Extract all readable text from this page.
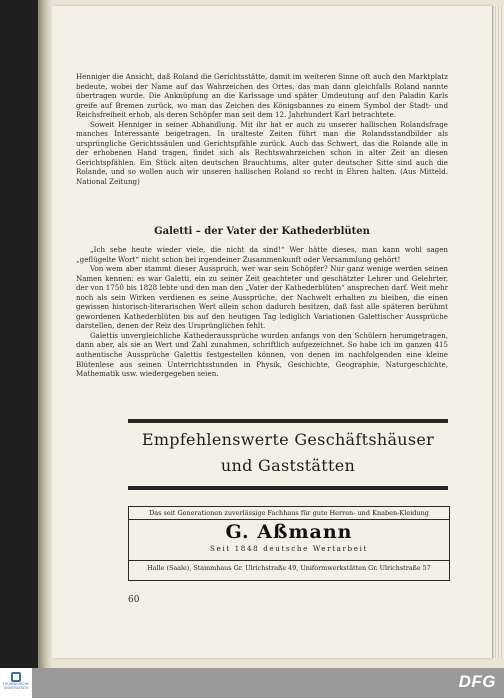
Henniger die Ansicht, daß Roland die Gerichtsstätte, damit im weiteren Sinne oft auch den Marktplatz bedeute, wobei der Name auf das Wahrzeichen des Ortes, das man dann gleichfalls Roland nannte übertragen wurde. Die Anknüpfung an die Karlssage und später Umdeutung auf den Paladin Karls greife auf Bremen zurück, wo man das Zeichen des Königsbannes zu einem Symbol der Stadt- und Reichsfreiheit erhob, als deren Schöpfer man seit dem 12. Jahrhundert Karl betrachtete.

Soweit Henniger in seiner Abhandlung. Mit ihr hat er auch zu unserer hallischen Rolandsfrage manches Interessante beigetragen. In uralteste Zeiten führt man die Rolandsstandbilder als ursprüngliche Gerichtssäulen und Gerichtspfähle zurück. Auch das Schwert, das die Rolande alle in der erhobenen Hand tragen, findet sich als Rechtswahrzeichen schon in alter Zeit an diesen Gerichtspfählen. Ein Stück alten deutschen Brauchtums, alter guter deutscher Sitte sind auch die Rolande, und so wollen auch wir unseren hallischen Roland so recht in Ehren halten. (Aus Mitteld. National Zeitung)

Galetti – der Vater der Kathederblüten

„Ich sehe heute wieder viele, die nicht da sind!“ Wer hätte dieses, man kann wohl sagen „geflügelte Wort“ nicht schon bei irgendeiner Zusammenkunft oder Versammlung gehört!

Von wem aber stammt dieser Ausspruch, wer war sein Schöpfer? Nur ganz wenige werden seinen Namen kennen: es war Galetti, ein zu seiner Zeit geachteter und geschätzter Lehrer und Gelehrter, der von 1750 bis 1828 lebte und den man den „Vater der Kathederblüten“ ansprechen darf. Weit mehr noch als sein Wirken verdienen es seine Aussprüche, der Nachwelt erhalten zu bleiben, die einen gewissen historisch-literarischen Wert allein schon dadurch besitzen, daß fast alle späteren berühmt gewordenen Kathederblüten bis auf den heutigen Tag lediglich Variationen Galettischer Aussprüche darstellen, denen der Reiz des Ursprünglichen fehlt.

Galettis unvergleichliche Kathederaussprüche wurden anfangs von den Schülern herumgetragen, dann aber, als sie an Wert und Zahl zunahmen, schriftlich aufgezeichnet. So habe ich im ganzen 415 authentische Aussprüche Galettis festgestellen können, von denen im nachfolgenden eine kleine Blütenlese aus seinen Unterrichtsstunden in Physik, Geschichte, Geographie, Naturgeschichte, Mathematik usw. wiedergegeben seien.

Empfehlenswerte Geschäftshäuser
und Gaststätten
Das seit Generationen zuverlässige Fachhaus für gute Herren- und Knaben-Kleidung
G. Aßmann
Seit 1848 deutsche Wertarbeit
Halle (Saale), Stammhaus Gr. Ulrichstraße 49, Uniformwerkstätten Gr. Ulrichstraße 57
60
THÜRINGISCHE UNIVERSITÄTS	DFG
